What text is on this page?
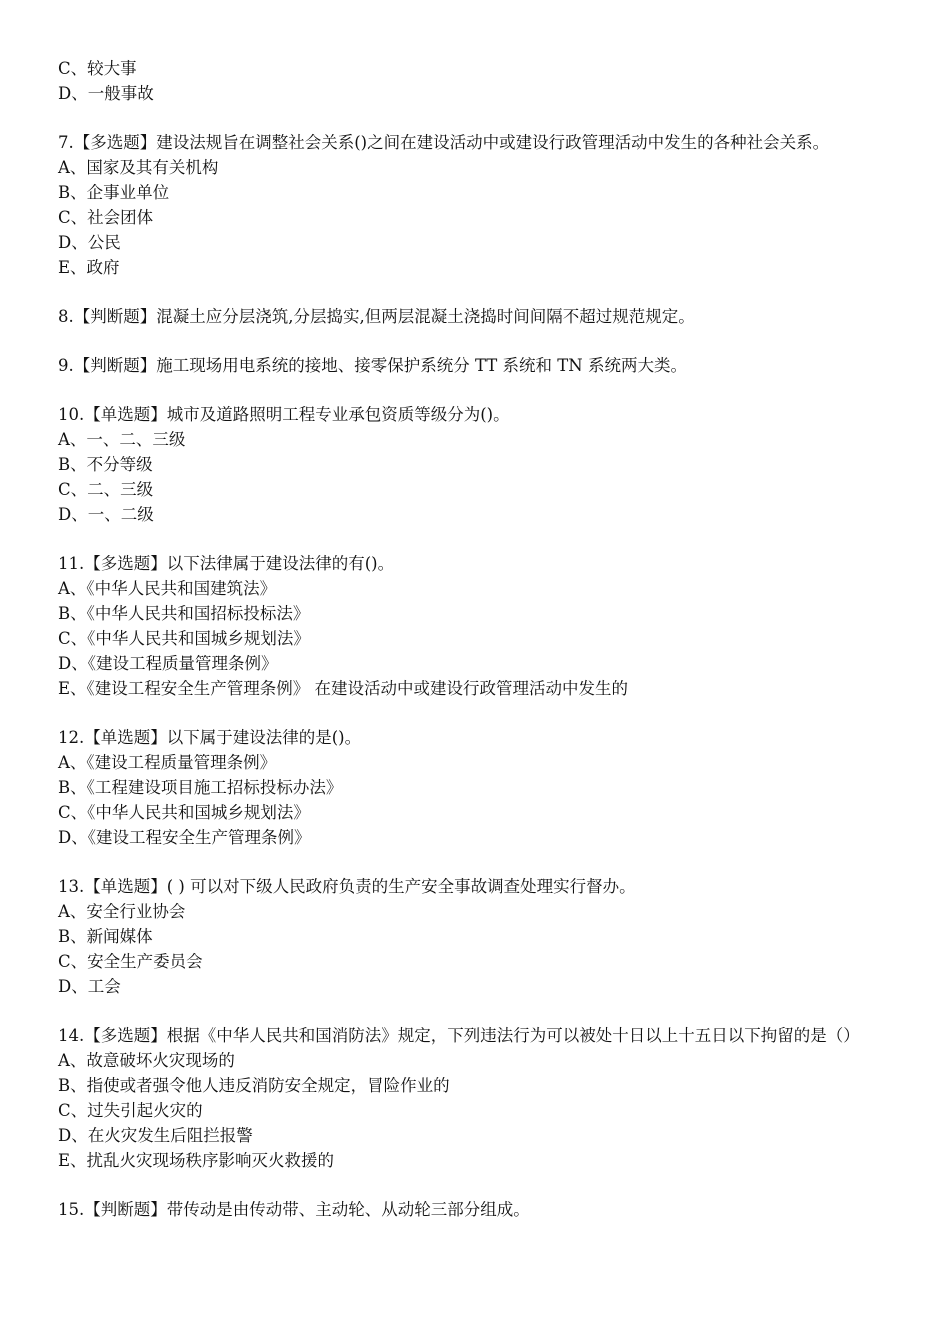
C、较大事
D、一般事故
7.【多选题】建设法规旨在调整社会关系()之间在建设活动中或建设行政管理活动中发生的各种社会关系。
A、国家及其有关机构
B、企事业单位
C、社会团体
D、公民
E、政府
8.【判断题】混凝土应分层浇筑,分层捣实,但两层混凝土浇捣时间间隔不超过规范规定。
9.【判断题】施工现场用电系统的接地、接零保护系统分 TT 系统和 TN 系统两大类。
10.【单选题】城市及道路照明工程专业承包资质等级分为()。
A、一、二、三级
B、不分等级
C、二、三级
D、一、二级
11.【多选题】以下法律属于建设法律的有()。
A、《中华人民共和国建筑法》
B、《中华人民共和国招标投标法》
C、《中华人民共和国城乡规划法》
D、《建设工程质量管理条例》
E、《建设工程安全生产管理条例》 在建设活动中或建设行政管理活动中发生的
12.【单选题】以下属于建设法律的是()。
A、《建设工程质量管理条例》
B、《工程建设项目施工招标投标办法》
C、《中华人民共和国城乡规划法》
D、《建设工程安全生产管理条例》
13.【单选题】( ) 可以对下级人民政府负责的生产安全事故调查处理实行督办。
A、安全行业协会
B、新闻媒体
C、安全生产委员会
D、工会
14.【多选题】根据《中华人民共和国消防法》规定，下列违法行为可以被处十日以上十五日以下拘留的是（）
A、故意破坏火灾现场的
B、指使或者强令他人违反消防安全规定，冒险作业的
C、过失引起火灾的
D、在火灾发生后阻拦报警
E、扰乱火灾现场秩序影响灭火救援的
15.【判断题】带传动是由传动带、主动轮、从动轮三部分组成。
